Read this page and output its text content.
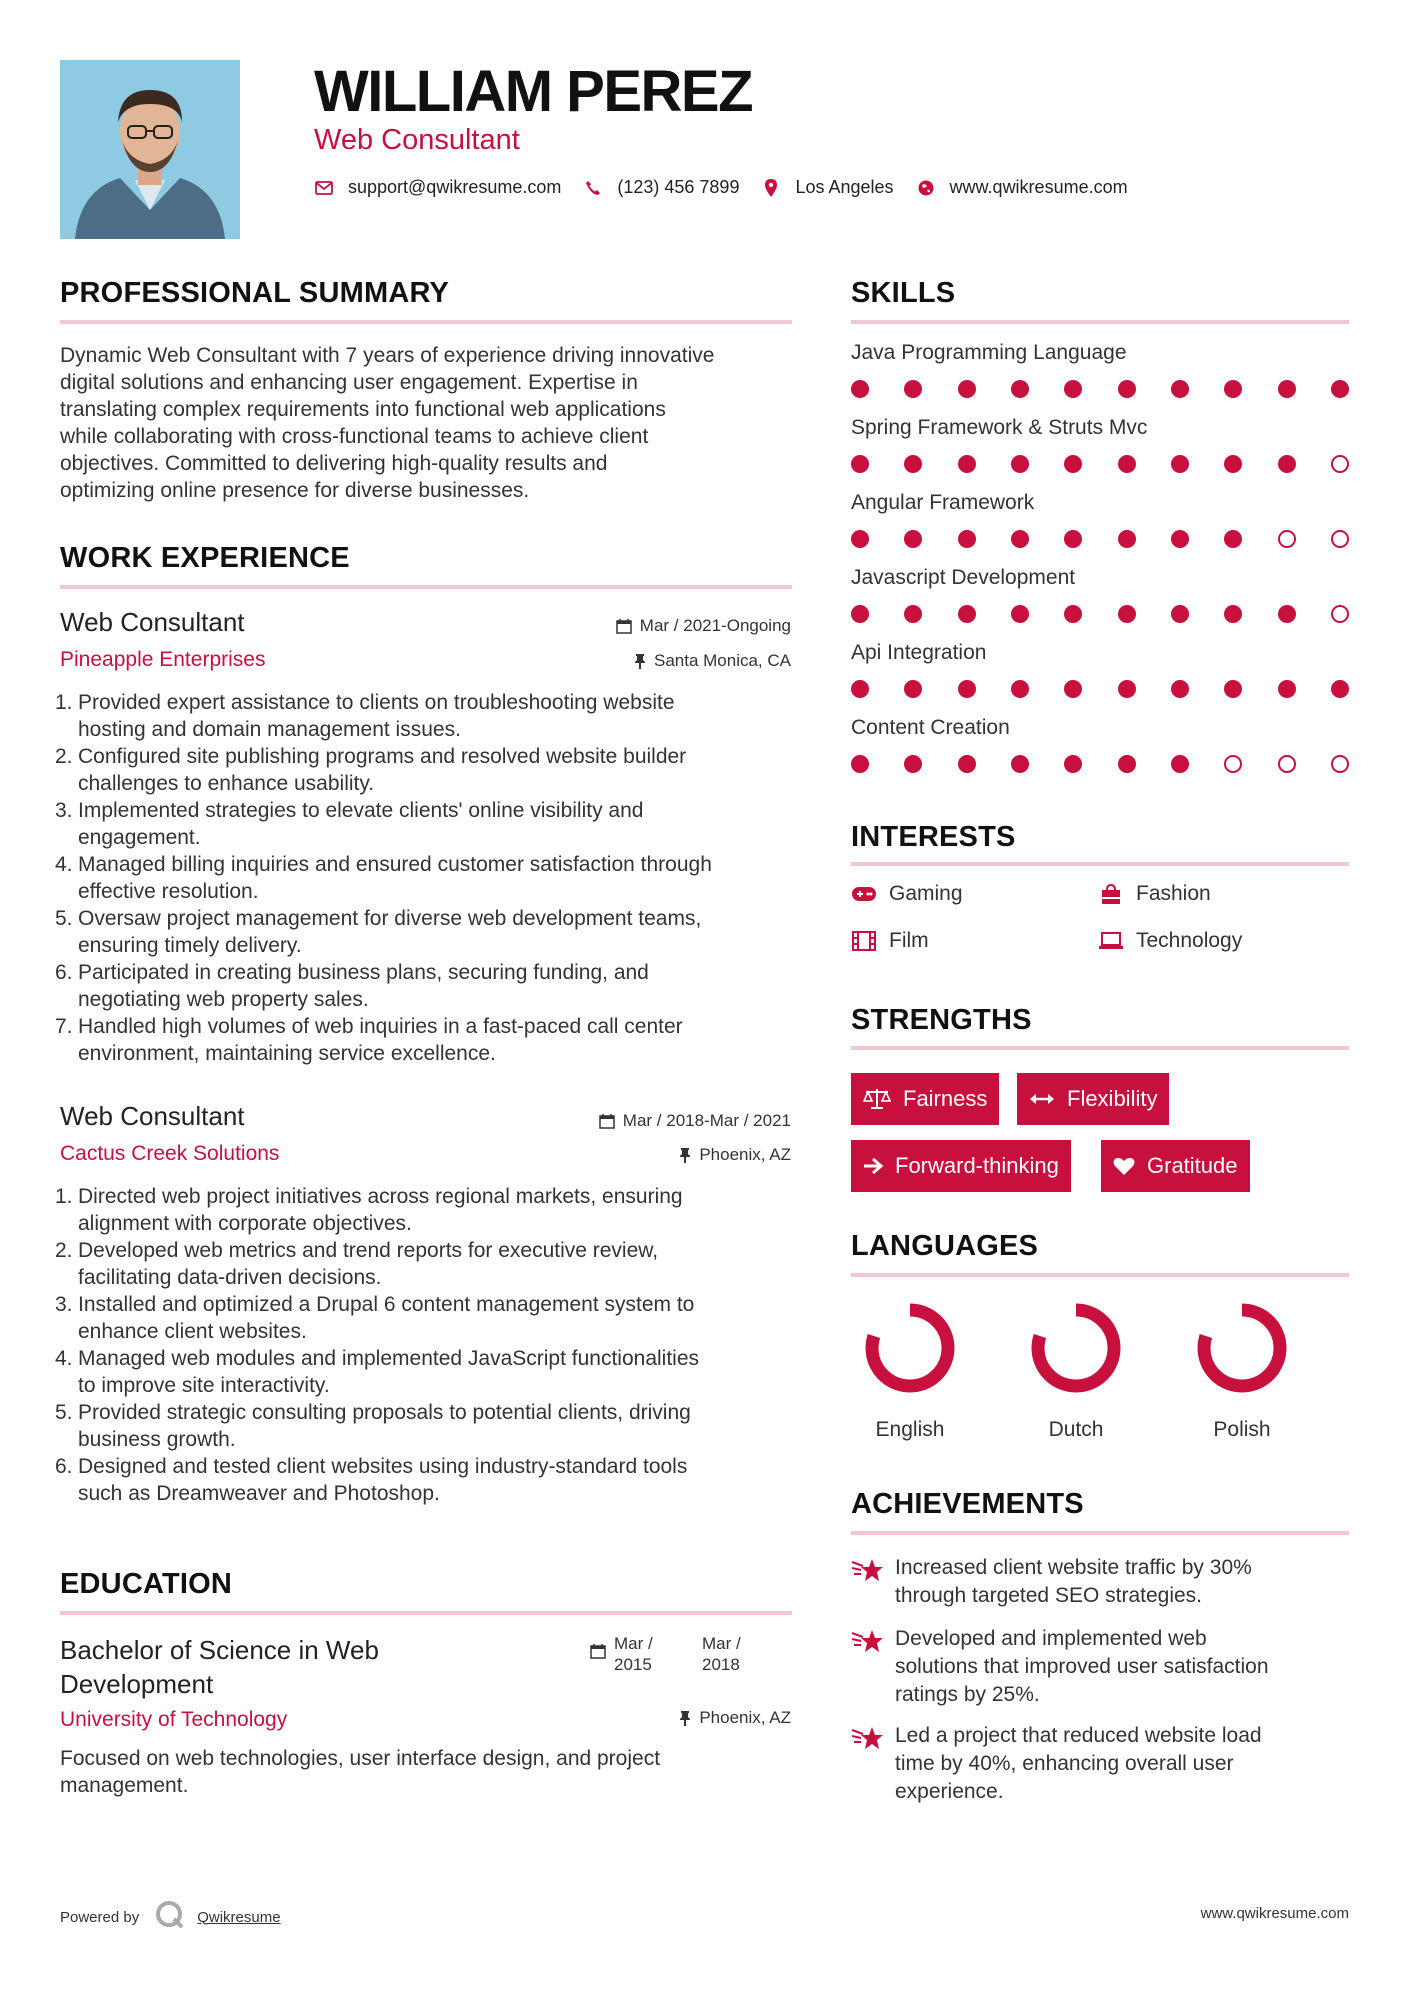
WILLIAM PEREZ
Web Consultant
support@qwikresume.com	(123) 456 7899	Los Angeles	www.qwikresume.com
PROFESSIONAL SUMMARY
Dynamic Web Consultant with 7 years of experience driving innovative
digital solutions and enhancing user engagement. Expertise in
translating complex requirements into functional web applications
while collaborating with cross-functional teams to achieve client
objectives. Committed to delivering high-quality results and
optimizing online presence for diverse businesses.
WORK EXPERIENCE
Web Consultant
Pineapple Enterprises
Mar / 2021-Ongoing
Santa Monica, CA
1. Provided expert assistance to clients on troubleshooting website
hosting and domain management issues.
2. Configured site publishing programs and resolved website builder
challenges to enhance usability.
3. Implemented strategies to elevate clients' online visibility and
engagement.
4. Managed billing inquiries and ensured customer satisfaction through
effective resolution.
5. Oversaw project management for diverse web development teams,
ensuring timely delivery.
6. Participated in creating business plans, securing funding, and
negotiating web property sales.
7. Handled high volumes of web inquiries in a fast-paced call center
environment, maintaining service excellence.
Web Consultant
Cactus Creek Solutions
Mar / 2018-Mar / 2021
Phoenix, AZ
1. Directed web project initiatives across regional markets, ensuring
alignment with corporate objectives.
2. Developed web metrics and trend reports for executive review,
facilitating data-driven decisions.
3. Installed and optimized a Drupal 6 content management system to
enhance client websites.
4. Managed web modules and implemented JavaScript functionalities
to improve site interactivity.
5. Provided strategic consulting proposals to potential clients, driving
business growth.
6. Designed and tested client websites using industry-standard tools
such as Dreamweaver and Photoshop.
EDUCATION
Bachelor of Science in Web
Development
University of Technology
Mar /
2015
Mar /
2018
Phoenix, AZ
Focused on web technologies, user interface design, and project
management.
SKILLS
Java Programming Language
Spring Framework & Struts Mvc
Angular Framework
Javascript Development
Api Integration
Content Creation
INTERESTS
Gaming	Fashion
Film	Technology
STRENGTHS
Fairness	Flexibility
Forward-thinking	Gratitude
LANGUAGES
English	Dutch	Polish
ACHIEVEMENTS
Increased client website traffic by 30%
through targeted SEO strategies.
Developed and implemented web
solutions that improved user satisfaction
ratings by 25%.
Led a project that reduced website load
time by 40%, enhancing overall user
experience.
Powered by	Qwikresume	www.qwikresume.com
